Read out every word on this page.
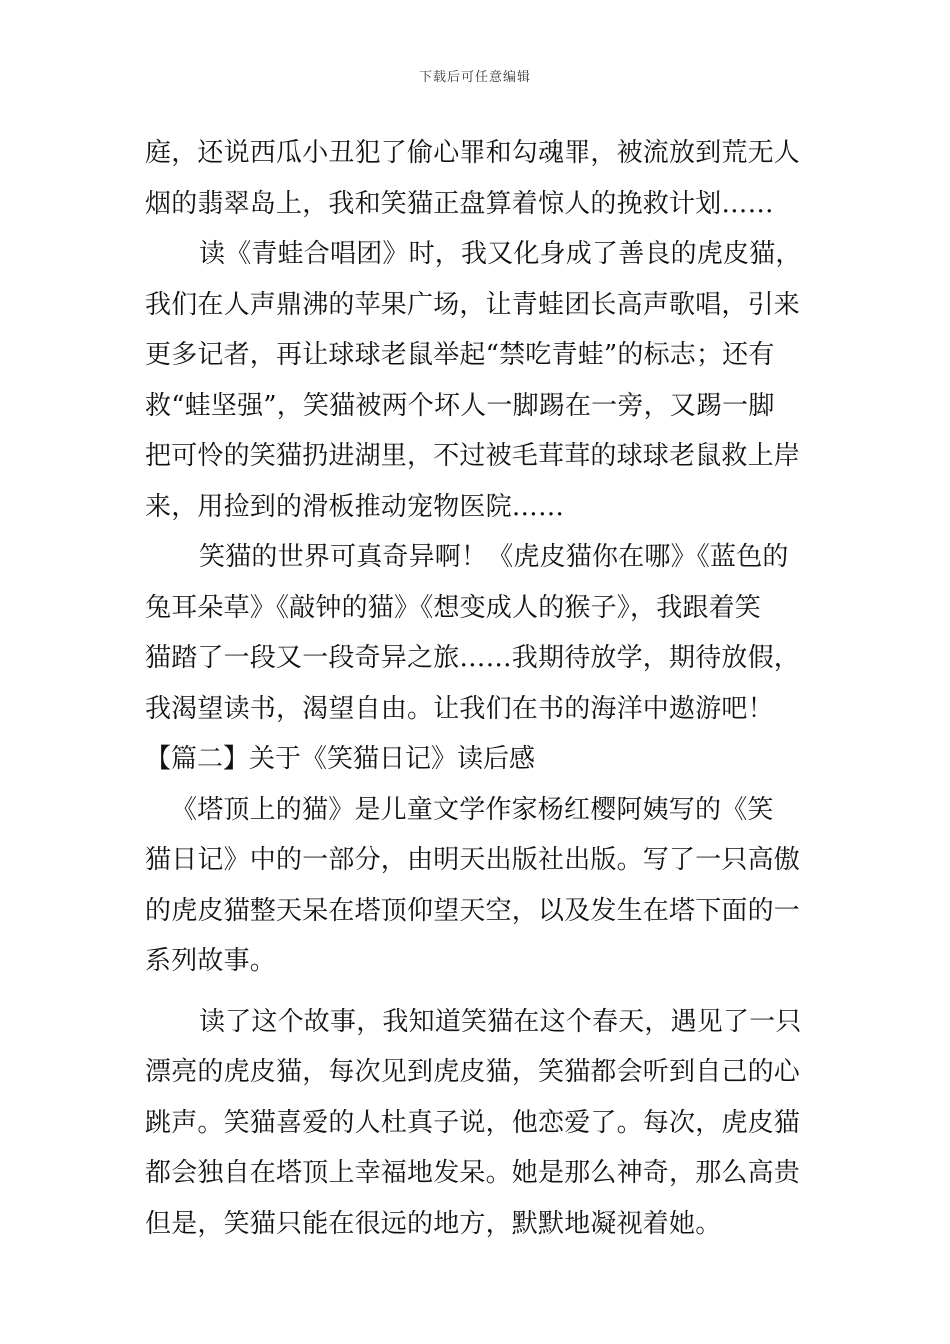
下载后可任意编辑
庭，还说西瓜小丑犯了偷心罪和勾魂罪，被流放到荒无人
烟的翡翠岛上，我和笑猫正盘算着惊人的挽救计划……
读《青蛙合唱团》时，我又化身成了善良的虎皮猫，
我们在人声鼎沸的苹果广场，让青蛙团长高声歌唱，引来
更多记者，再让球球老鼠举起“禁吃青蛙”的标志；还有
救“蛙坚强”，笑猫被两个坏人一脚踢在一旁，又踢一脚
把可怜的笑猫扔进湖里，不过被毛茸茸的球球老鼠救上岸
来，用捡到的滑板推动宠物医院……
笑猫的世界可真奇异啊！《虎皮猫你在哪》《蓝色的
兔耳朵草》《敲钟的猫》《想变成人的猴子》，我跟着笑
猫踏了一段又一段奇异之旅……我期待放学，期待放假，
我渴望读书，渴望自由。让我们在书的海洋中遨游吧！
【篇二】关于《笑猫日记》读后感
《塔顶上的猫》是儿童文学作家杨红樱阿姨写的《笑
猫日记》中的一部分，由明天出版社出版。写了一只高傲
的虎皮猫整天呆在塔顶仰望天空，以及发生在塔下面的一
系列故事。
读了这个故事，我知道笑猫在这个春天，遇见了一只
漂亮的虎皮猫，每次见到虎皮猫，笑猫都会听到自己的心
跳声。笑猫喜爱的人杜真子说，他恋爱了。每次，虎皮猫
都会独自在塔顶上幸福地发呆。她是那么神奇，那么高贵
但是，笑猫只能在很远的地方，默默地凝视着她。
